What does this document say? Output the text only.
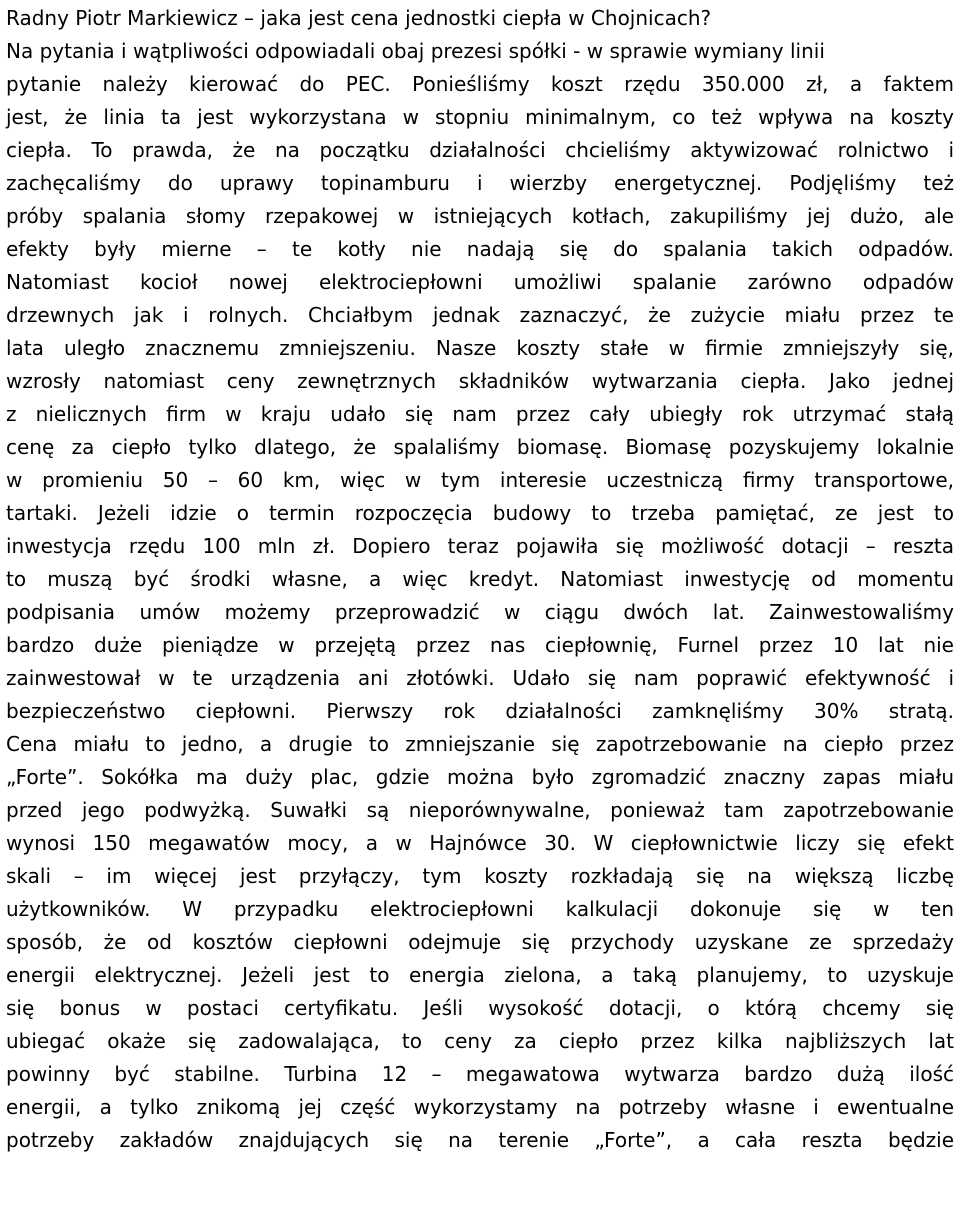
Radny Piotr Markiewicz – jaka jest cena jednostki ciepła w Chojnicach?
Na pytania i wątpliwości odpowiadali obaj prezesi spółki - w sprawie wymiany linii
pytanie należy kierować do PEC. Ponieśliśmy koszt rzędu 350.000 zł, a faktem
jest, że linia ta jest wykorzystana w stopniu minimalnym, co też wpływa na koszty
ciepła. To prawda, że na początku działalności chcieliśmy aktywizować rolnictwo i
zachęcaliśmy do uprawy topinamburu i wierzby energetycznej. Podjęliśmy też
próby spalania słomy rzepakowej w istniejących kotłach, zakupiliśmy jej dużo, ale
efekty były mierne – te kotły nie nadają się do spalania takich odpadów.
Natomiast kocioł nowej elektrociepłowni umożliwi spalanie zarówno odpadów
drzewnych jak i rolnych. Chciałbym jednak zaznaczyć, że zużycie miału przez te
lata uległo znacznemu zmniejszeniu. Nasze koszty stałe w firmie zmniejszyły się,
wzrosły natomiast ceny zewnętrznych składników wytwarzania ciepła. Jako jednej
z nielicznych firm w kraju udało się nam przez cały ubiegły rok utrzymać stałą
cenę za ciepło tylko dlatego, że spalaliśmy biomasę. Biomasę pozyskujemy lokalnie
w promieniu 50 – 60 km, więc w tym interesie uczestniczą firmy transportowe,
tartaki. Jeżeli idzie o termin rozpoczęcia budowy to trzeba pamiętać, ze jest to
inwestycja rzędu 100 mln zł. Dopiero teraz pojawiła się możliwość dotacji – reszta
to muszą być środki własne, a więc kredyt. Natomiast inwestycję od momentu
podpisania umów możemy przeprowadzić w ciągu dwóch lat. Zainwestowaliśmy
bardzo duże pieniądze w przejętą przez nas ciepłownię, Furnel przez 10 lat nie
zainwestował w te urządzenia ani złotówki. Udało się nam poprawić efektywność i
bezpieczeństwo ciepłowni. Pierwszy rok działalności zamknęliśmy 30% stratą.
Cena miału to jedno, a drugie to zmniejszanie się zapotrzebowanie na ciepło przez
„Forte”. Sokółka ma duży plac, gdzie można było zgromadzić znaczny zapas miału
przed jego podwyżką. Suwałki są nieporównywalne, ponieważ tam zapotrzebowanie
wynosi 150 megawatów mocy, a w Hajnówce 30. W ciepłownictwie liczy się efekt
skali – im więcej jest przyłączy, tym koszty rozkładają się na większą liczbę
użytkowników. W przypadku elektrociepłowni kalkulacji dokonuje się w ten
sposób, że od kosztów ciepłowni odejmuje się przychody uzyskane ze sprzedaży
energii elektrycznej. Jeżeli jest to energia zielona, a taką planujemy, to uzyskuje
się bonus w postaci certyfikatu. Jeśli wysokość dotacji, o którą chcemy się
ubiegać okaże się zadowalająca, to ceny za ciepło przez kilka najbliższych lat
powinny być stabilne. Turbina 12 – megawatowa wytwarza bardzo dużą ilość
energii, a tylko znikomą jej część wykorzystamy na potrzeby własne i ewentualne
potrzeby zakładów znajdujących się na terenie „Forte”, a cała reszta będzie
